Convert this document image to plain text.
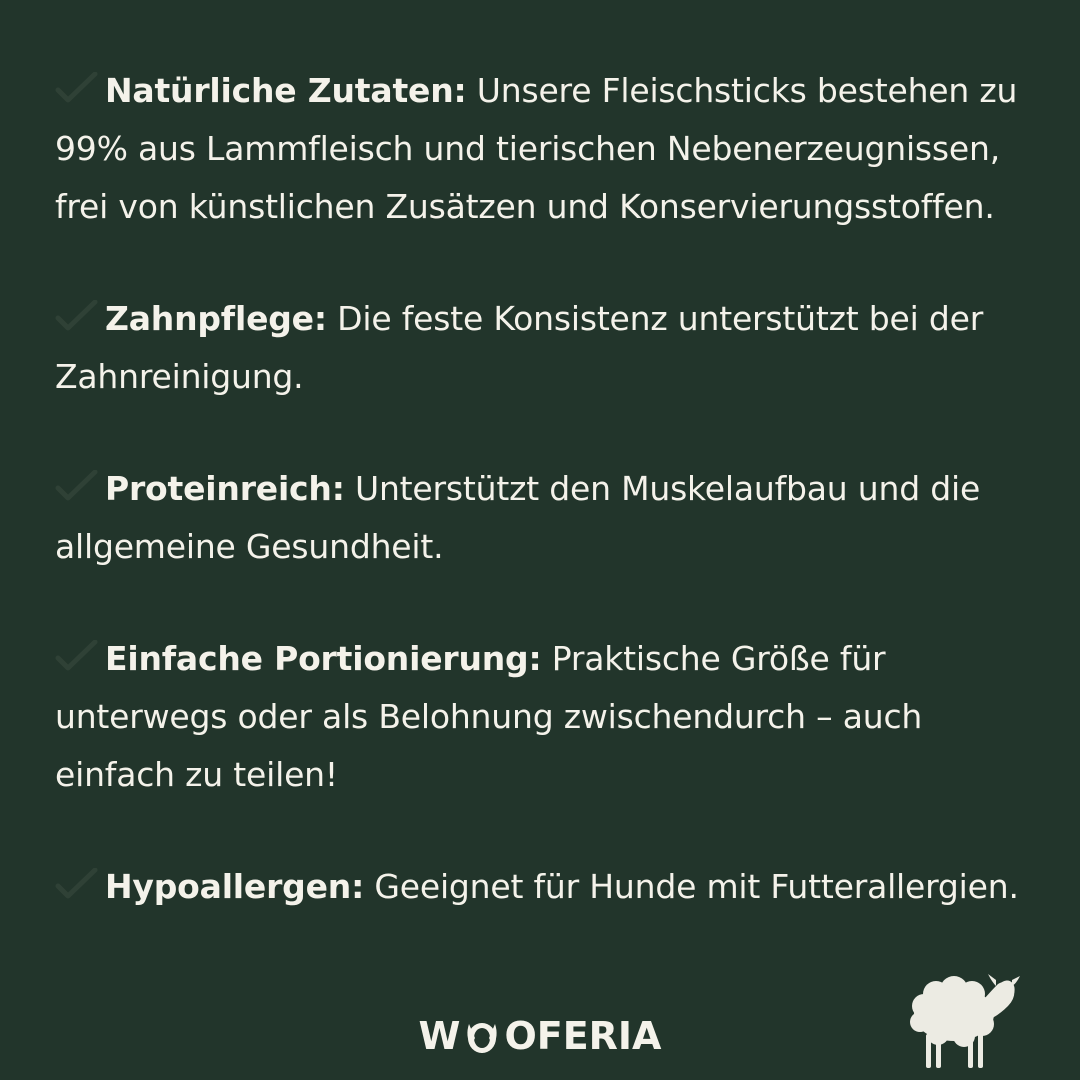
Natürliche Zutaten: Unsere Fleischsticks bestehen zu 99% aus Lammfleisch und tierischen Nebenerzeugnissen, frei von künstlichen Zusätzen und Konservierungsstoffen.

Zahnpflege: Die feste Konsistenz unterstützt bei der Zahnreinigung.

Proteinreich: Unterstützt den Muskelaufbau und die allgemeine Gesundheit.

Einfache Portionierung: Praktische Größe für unterwegs oder als Belohnung zwischendurch – auch einfach zu teilen!

Hypoallergen: Geeignet für Hunde mit Futterallergien.

W OFERIA
